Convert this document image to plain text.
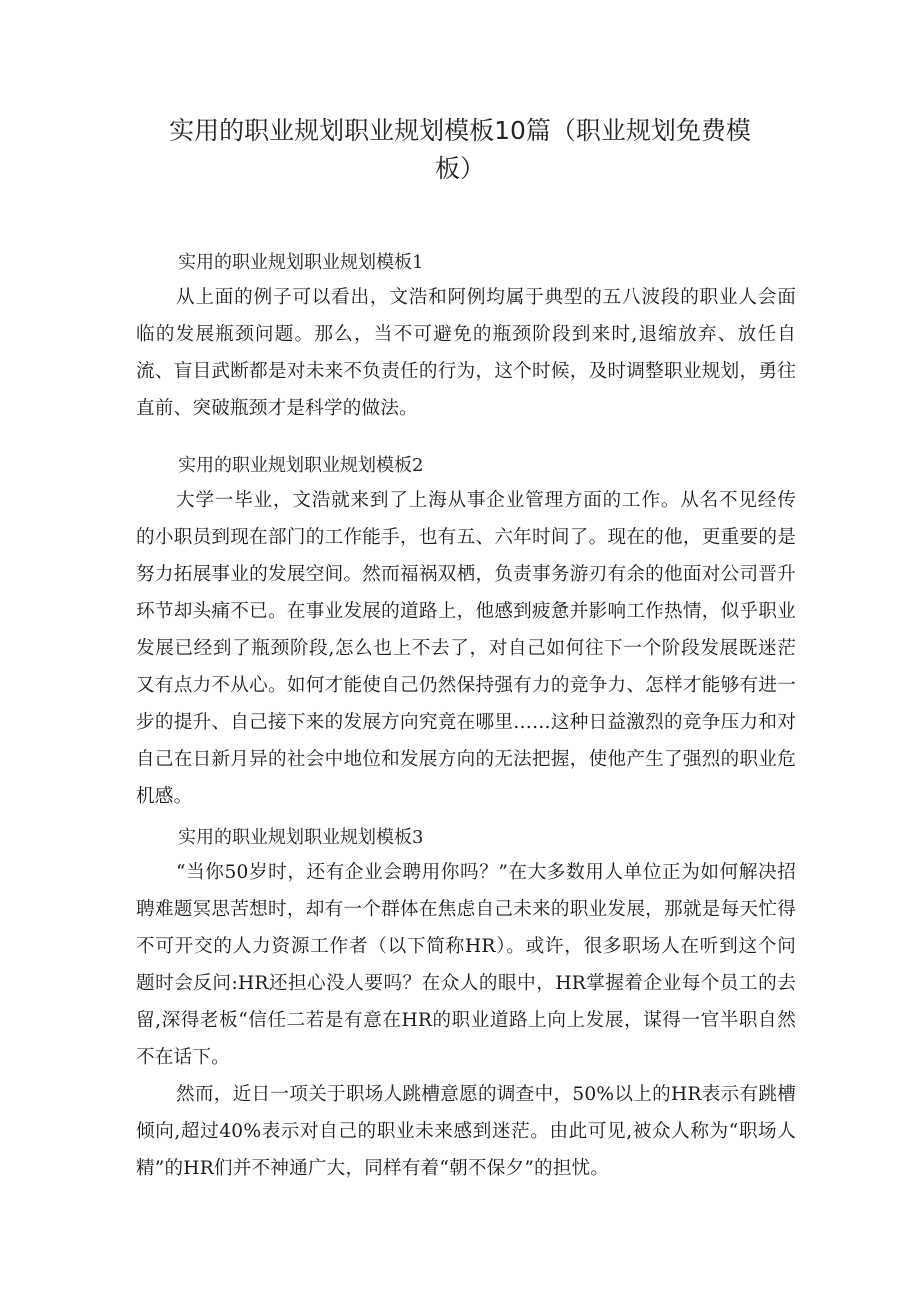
实用的职业规划职业规划模板10篇（职业规划免费模板）
实用的职业规划职业规划模板1

从上面的例子可以看出，文浩和阿例均属于典型的五八波段的职业人会面临的发展瓶颈问题。那么，当不可避免的瓶颈阶段到来时,退缩放弃、放任自流、盲目武断都是对未来不负责任的行为，这个时候，及时调整职业规划，勇往直前、突破瓶颈才是科学的做法。

实用的职业规划职业规划模板2

大学一毕业，文浩就来到了上海从事企业管理方面的工作。从名不见经传的小职员到现在部门的工作能手，也有五、六年时间了。现在的他，更重要的是努力拓展事业的发展空间。然而福祸双栖，负责事务游刃有余的他面对公司晋升环节却头痛不已。在事业发展的道路上，他感到疲惫并影响工作热情，似乎职业发展已经到了瓶颈阶段,怎么也上不去了，对自己如何往下一个阶段发展既迷茫又有点力不从心。如何才能使自己仍然保持强有力的竞争力、怎样才能够有进一步的提升、自己接下来的发展方向究竟在哪里……这种日益激烈的竞争压力和对自己在日新月异的社会中地位和发展方向的无法把握，使他产生了强烈的职业危机感。

实用的职业规划职业规划模板3

“当你50岁时，还有企业会聘用你吗？”在大多数用人单位正为如何解决招聘难题冥思苦想时，却有一个群体在焦虑自己未来的职业发展，那就是每天忙得不可开交的人力资源工作者（以下简称HR）。或许，很多职场人在听到这个问题时会反问:HR还担心没人要吗？在众人的眼中，HR掌握着企业每个员工的去留,深得老板“信任二若是有意在HR的职业道路上向上发展，谋得一官半职自然不在话下。

然而，近日一项关于职场人跳槽意愿的调查中，50%以上的HR表示有跳槽倾向,超过40%表示对自己的职业未来感到迷茫。由此可见,被众人称为“职场人精”的HR们并不神通广大，同样有着“朝不保夕”的担忧。
